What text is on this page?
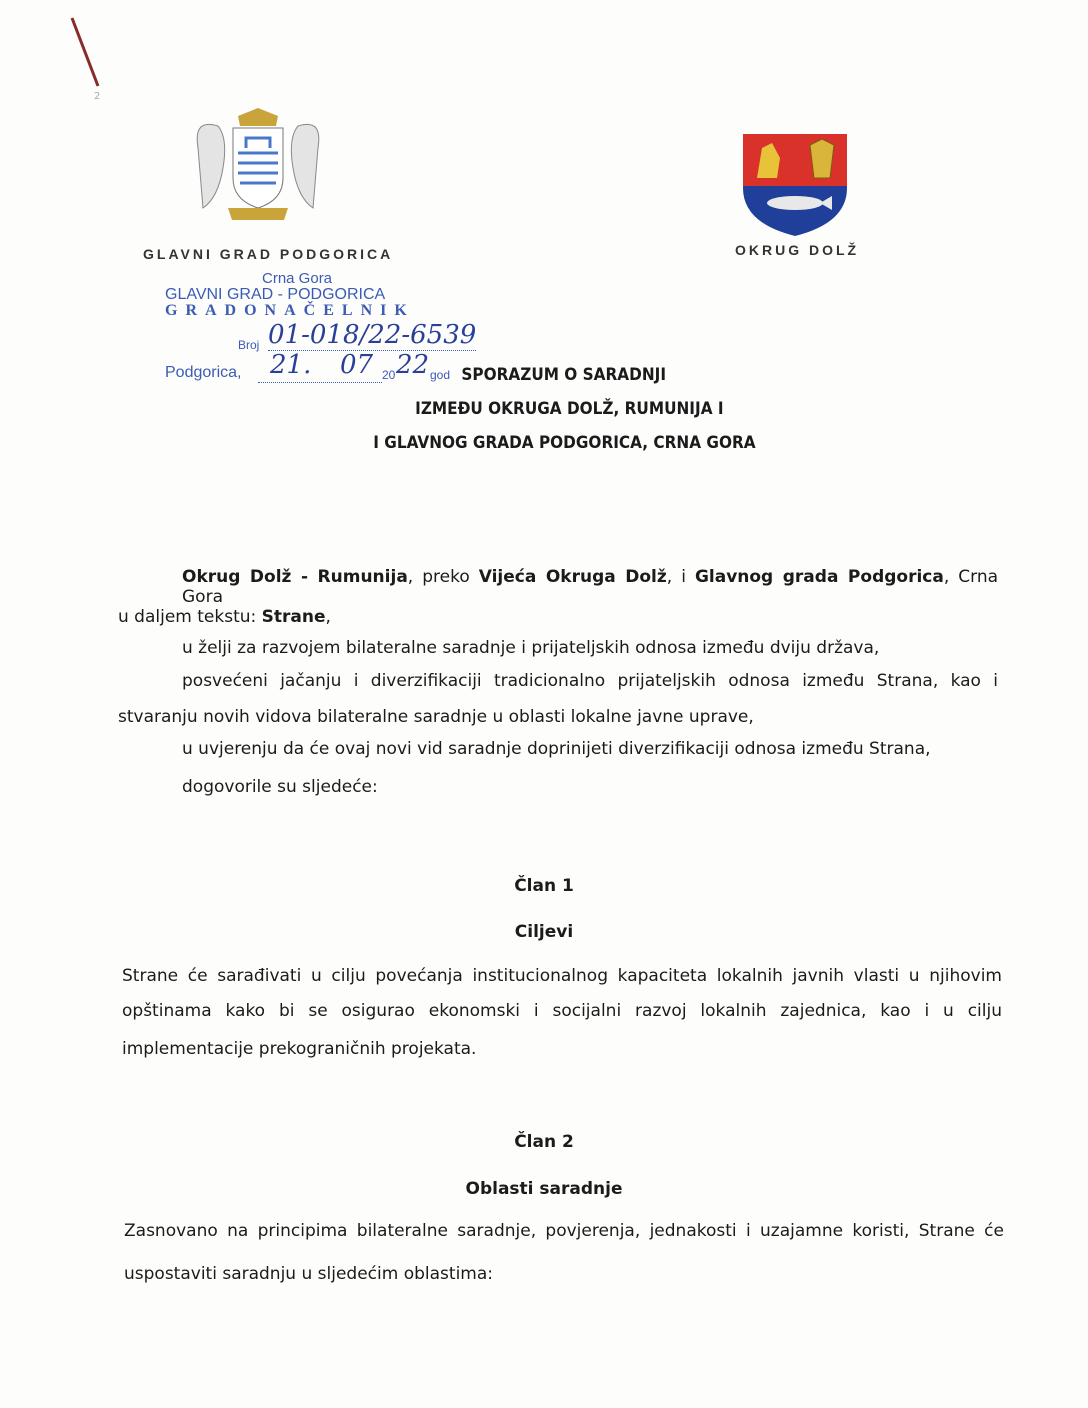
2
GLAVNI GRAD PODGORICA	OKRUG DOLŽ
Crna Gora
GLAVNI GRAD - PODGORICA
GRADONAČELNIK
Broj 01-018/22-6539
Podgorica, 21. 07 20 22 god SPORAZUM O SARADNJI
IZMEĐU OKRUGA DOLŽ, RUMUNIJA I
I GLAVNOG GRADA PODGORICA, CRNA GORA
Okrug Dolž - Rumunija, preko Vijeća Okruga Dolž, i Glavnog grada Podgorica, Crna Gora
u daljem tekstu: Strane,
u želji za razvojem bilateralne saradnje i prijateljskih odnosa između dviju država,
posvećeni jačanju i diverzifikaciji tradicionalno prijateljskih odnosa između Strana, kao i
stvaranju novih vidova bilateralne saradnje u oblasti lokalne javne uprave,
u uvjerenju da će ovaj novi vid saradnje doprinijeti diverzifikaciji odnosa između Strana,
dogovorile su sljedeće:
Član 1
Ciljevi
Strane će sarađivati u cilju povećanja institucionalnog kapaciteta lokalnih javnih vlasti u njihovim
opštinama kako bi se osigurao ekonomski i socijalni razvoj lokalnih zajednica, kao i u cilju
implementacije prekograničnih projekata.
Član 2
Oblasti saradnje
Zasnovano na principima bilateralne saradnje, povjerenja, jednakosti i uzajamne koristi, Strane će
uspostaviti saradnju u sljedećim oblastima:
